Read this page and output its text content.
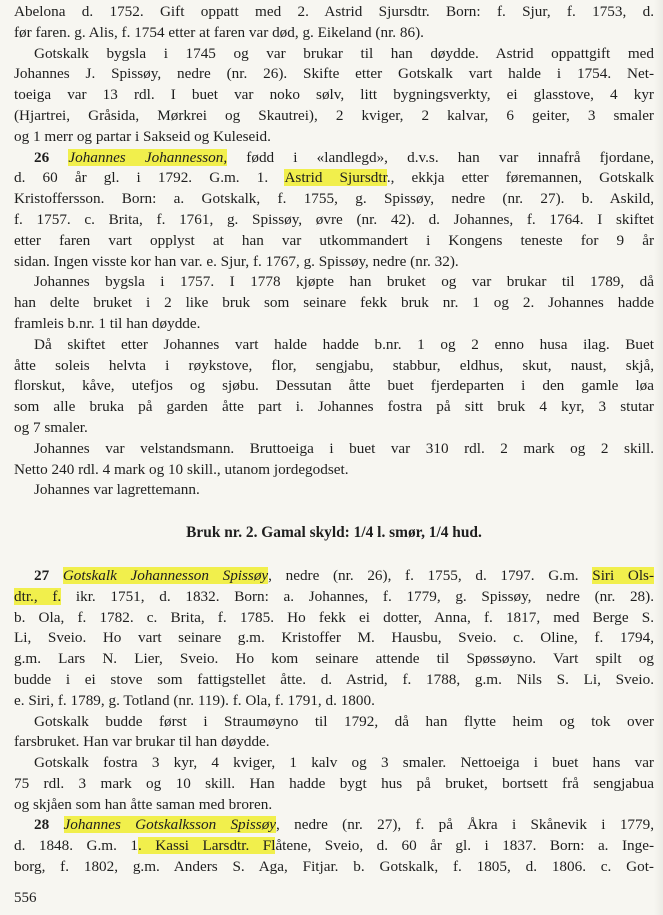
Abelona d. 1752. Gift oppatt med 2. Astrid Sjursdtr. Born: f. Sjur, f. 1753, d.
før faren. g. Alis, f. 1754 etter at faren var død, g. Eikeland (nr. 86).
Gotskalk bygsla i 1745 og var brukar til han døydde. Astrid oppattgift med
Johannes J. Spissøy, nedre (nr. 26). Skifte etter Gotskalk vart halde i 1754. Net-
toeiga var 13 rdl. I buet var noko sølv, litt bygningsverkty, ei glasstove, 4 kyr
(Hjartrei, Gråsida, Mørkrei og Skautrei), 2 kviger, 2 kalvar, 6 geiter, 3 smaler
og 1 merr og partar i Sakseid og Kuleseid.
26 Johannes Johannesson, fødd i «landlegd», d.v.s. han var innafrå fjordane,
d. 60 år gl. i 1792. G.m. 1. Astrid Sjursdtr., ekkja etter føremannen, Gotskalk
Kristoffersson. Born: a. Gotskalk, f. 1755, g. Spissøy, nedre (nr. 27). b. Askild,
f. 1757. c. Brita, f. 1761, g. Spissøy, øvre (nr. 42). d. Johannes, f. 1764. I skiftet
etter faren vart opplyst at han var utkommandert i Kongens teneste for 9 år
sidan. Ingen visste kor han var. e. Sjur, f. 1767, g. Spissøy, nedre (nr. 32).
Johannes bygsla i 1757. I 1778 kjøpte han bruket og var brukar til 1789, då
han delte bruket i 2 like bruk som seinare fekk bruk nr. 1 og 2. Johannes hadde
framleis b.nr. 1 til han døydde.
Då skiftet etter Johannes vart halde hadde b.nr. 1 og 2 enno husa ilag. Buet
åtte soleis helvta i røykstove, flor, sengjabu, stabbur, eldhus, skut, naust, skjå,
florskut, kåve, utefjos og sjøbu. Dessutan åtte buet fjerdeparten i den gamle løa
som alle bruka på garden åtte part i. Johannes fostra på sitt bruk 4 kyr, 3 stutar
og 7 smaler.
Johannes var velstandsmann. Bruttoeiga i buet var 310 rdl. 2 mark og 2 skill.
Netto 240 rdl. 4 mark og 10 skill., utanom jordegodset.
Johannes var lagrettemann.
Bruk nr. 2. Gamal skyld: 1/4 l. smør, 1/4 hud.
27 Gotskalk Johannesson Spissøy, nedre (nr. 26), f. 1755, d. 1797. G.m. Siri Ols-
dtr., f. ikr. 1751, d. 1832. Born: a. Johannes, f. 1779, g. Spissøy, nedre (nr. 28).
b. Ola, f. 1782. c. Brita, f. 1785. Ho fekk ei dotter, Anna, f. 1817, med Berge S.
Li, Sveio. Ho vart seinare g.m. Kristoffer M. Hausbu, Sveio. c. Oline, f. 1794,
g.m. Lars N. Lier, Sveio. Ho kom seinare attende til Spøssøyno. Vart spilt og
budde i ei stove som fattigstellet åtte. d. Astrid, f. 1788, g.m. Nils S. Li, Sveio.
e. Siri, f. 1789, g. Totland (nr. 119). f. Ola, f. 1791, d. 1800.
Gotskalk budde først i Straumøyno til 1792, då han flytte heim og tok over
farsbruket. Han var brukar til han døydde.
Gotskalk fostra 3 kyr, 4 kviger, 1 kalv og 3 smaler. Nettoeiga i buet hans var
75 rdl. 3 mark og 10 skill. Han hadde bygt hus på bruket, bortsett frå sengjabua
og skjåen som han åtte saman med broren.
28 Johannes Gotskalksson Spissøy, nedre (nr. 27), f. på Åkra i Skånevik i 1779,
d. 1848. G.m. 1. Kassi Larsdtr. Flåtene, Sveio, d. 60 år gl. i 1837. Born: a. Inge-
borg, f. 1802, g.m. Anders S. Aga, Fitjar. b. Gotskalk, f. 1805, d. 1806. c. Got-
556
